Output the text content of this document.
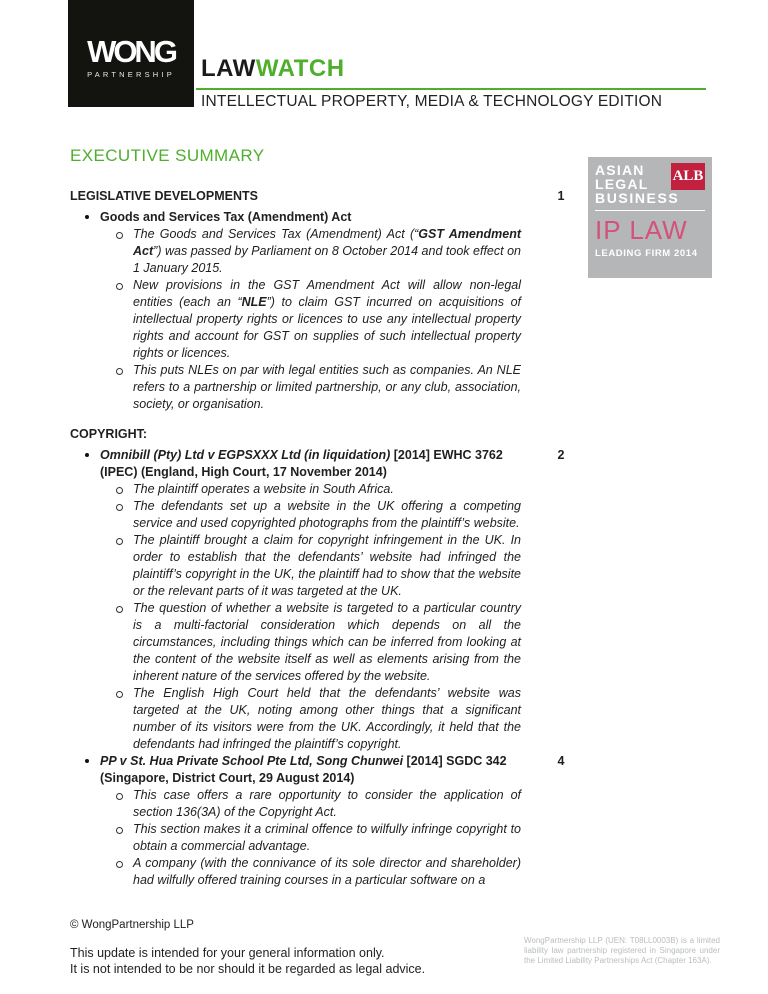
WONG
PARTNERSHIP LAWWATCH
INTELLECTUAL PROPERTY, MEDIA & TECHNOLOGY EDITION
ASIAN
LEGAL
BUSINESS
ALB
IP LAW
LEADING FIRM 2014
EXECUTIVE SUMMARY
LEGISLATIVE DEVELOPMENTS	1
Goods and Services Tax (Amendment) Act
The Goods and Services Tax (Amendment) Act (“GST Amendment Act”) was passed by Parliament on 8 October 2014 and took effect on 1 January 2015.
New provisions in the GST Amendment Act will allow non-legal entities (each an “NLE”) to claim GST incurred on acquisitions of intellectual property rights or licences to use any intellectual property rights and account for GST on supplies of such intellectual property rights or licences.
This puts NLEs on par with legal entities such as companies. An NLE refers to a partnership or limited partnership, or any club, association, society, or organisation.
COPYRIGHT:
Omnibill (Pty) Ltd v EGPSXXX Ltd (in liquidation) [2014] EWHC 3762 (IPEC) (England, High Court, 17 November 2014)
2
The plaintiff operates a website in South Africa.
The defendants set up a website in the UK offering a competing service and used copyrighted photographs from the plaintiff’s website.
The plaintiff brought a claim for copyright infringement in the UK. In order to establish that the defendants’ website had infringed the plaintiff’s copyright in the UK, the plaintiff had to show that the website or the relevant parts of it was targeted at the UK.
The question of whether a website is targeted to a particular country is a multi-factorial consideration which depends on all the circumstances, including things which can be inferred from looking at the content of the website itself as well as elements arising from the inherent nature of the services offered by the website.
The English High Court held that the defendants’ website was targeted at the UK, noting among other things that a significant number of its visitors were from the UK. Accordingly, it held that the defendants had infringed the plaintiff’s copyright.
PP v St. Hua Private School Pte Ltd, Song Chunwei [2014] SGDC 342 (Singapore, District Court, 29 August 2014)
4
This case offers a rare opportunity to consider the application of section 136(3A) of the Copyright Act.
This section makes it a criminal offence to wilfully infringe copyright to obtain a commercial advantage.
A company (with the connivance of its sole director and shareholder) had wilfully offered training courses in a particular software on a
© WongPartnership LLP
This update is intended for your general information only.
It is not intended to be nor should it be regarded as legal advice.
WongPartnership LLP (UEN: T08LL0003B) is a limited liability law partnership registered in Singapore under the Limited Liability Partnerships Act (Chapter 163A).
